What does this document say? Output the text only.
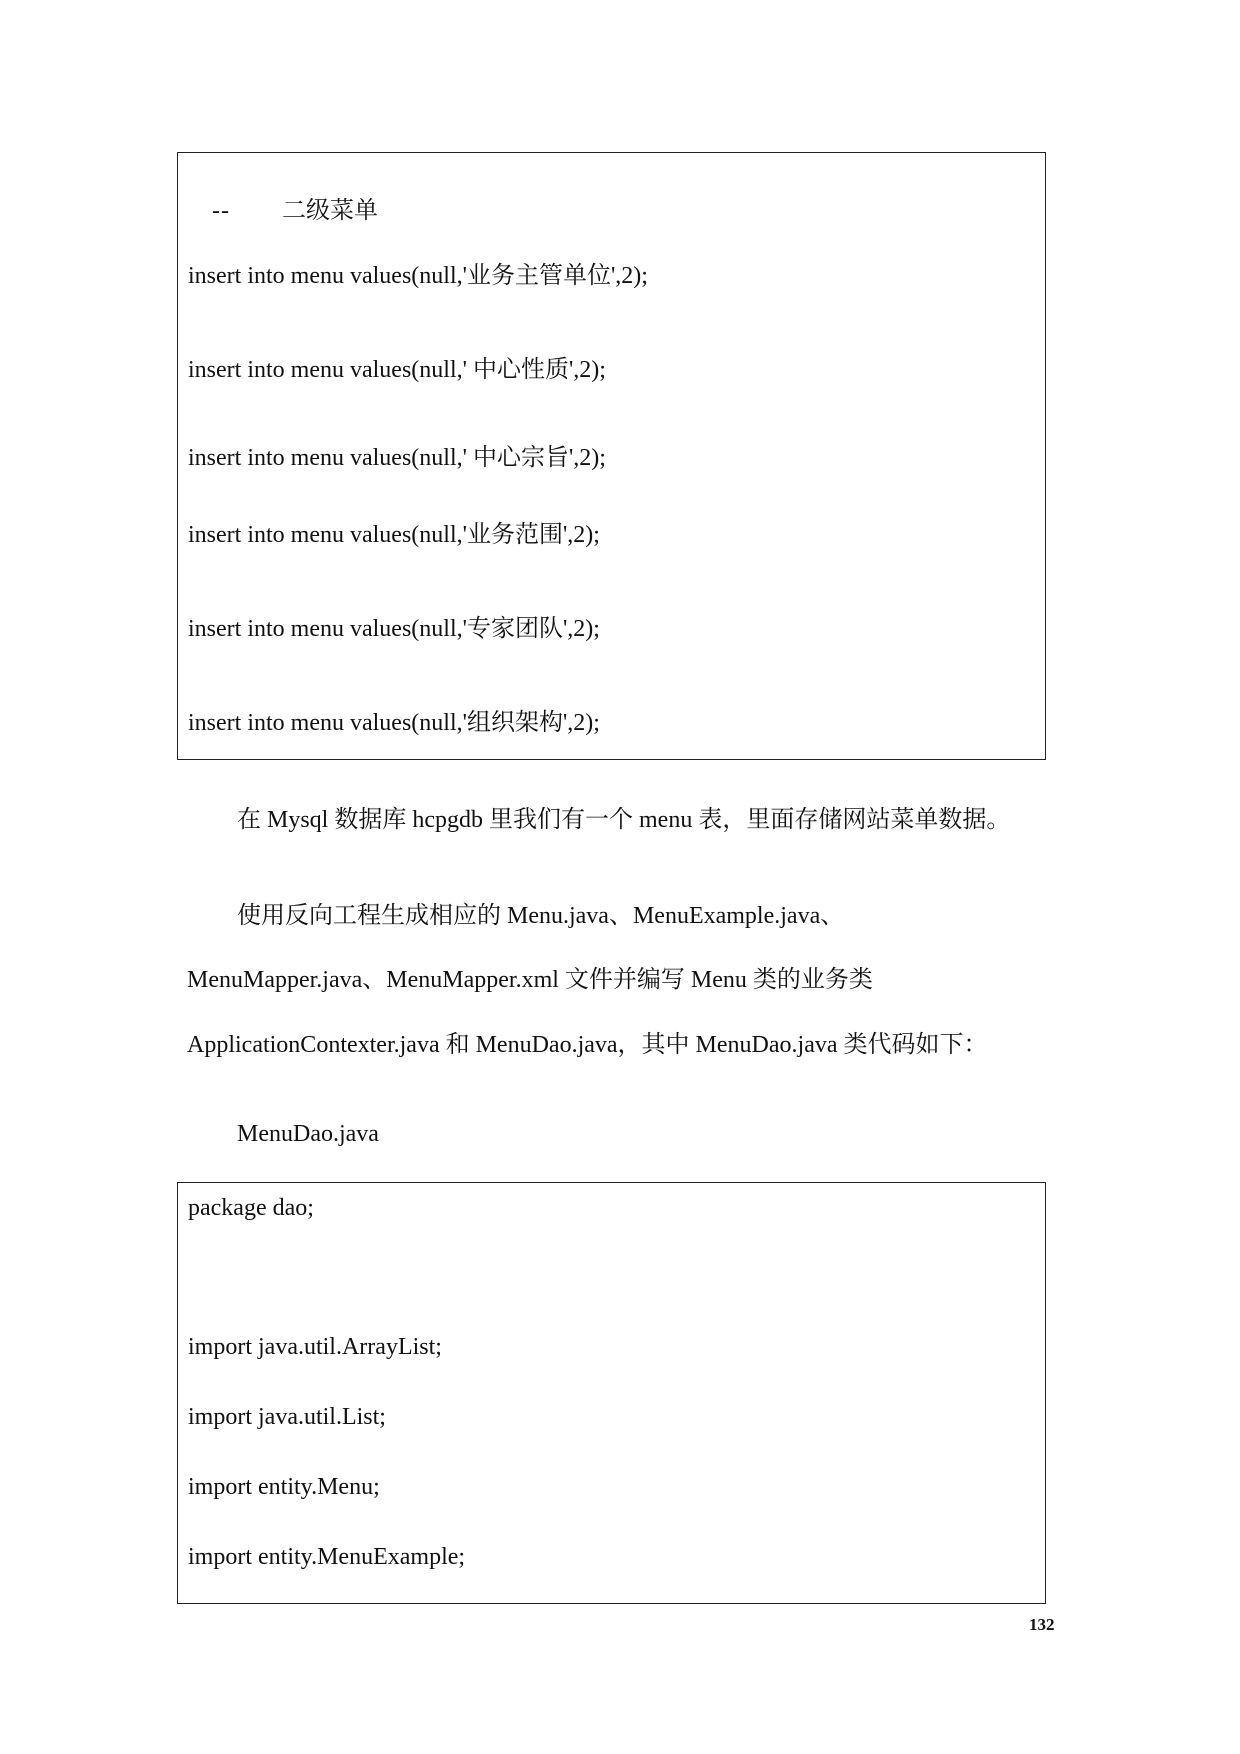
-- 二级菜单

insert into menu values(null,'业务主管单位',2);
insert into menu values(null,' 中心性质',2);
insert into menu values(null,' 中心宗旨',2);
insert into menu values(null,'业务范围',2);
insert into menu values(null,'专家团队',2);
insert into menu values(null,'组织架构',2);
在 Mysql 数据库 hcpgdb 里我们有一个 menu 表，里面存储网站菜单数据。
使用反向工程生成相应的 Menu.java、MenuExample.java、
MenuMapper.java、MenuMapper.xml 文件并编写 Menu 类的业务类
ApplicationContexter.java 和 MenuDao.java，其中 MenuDao.java 类代码如下：
MenuDao.java
package dao;
import java.util.ArrayList;
import java.util.List;
import entity.Menu;
import entity.MenuExample;
132
